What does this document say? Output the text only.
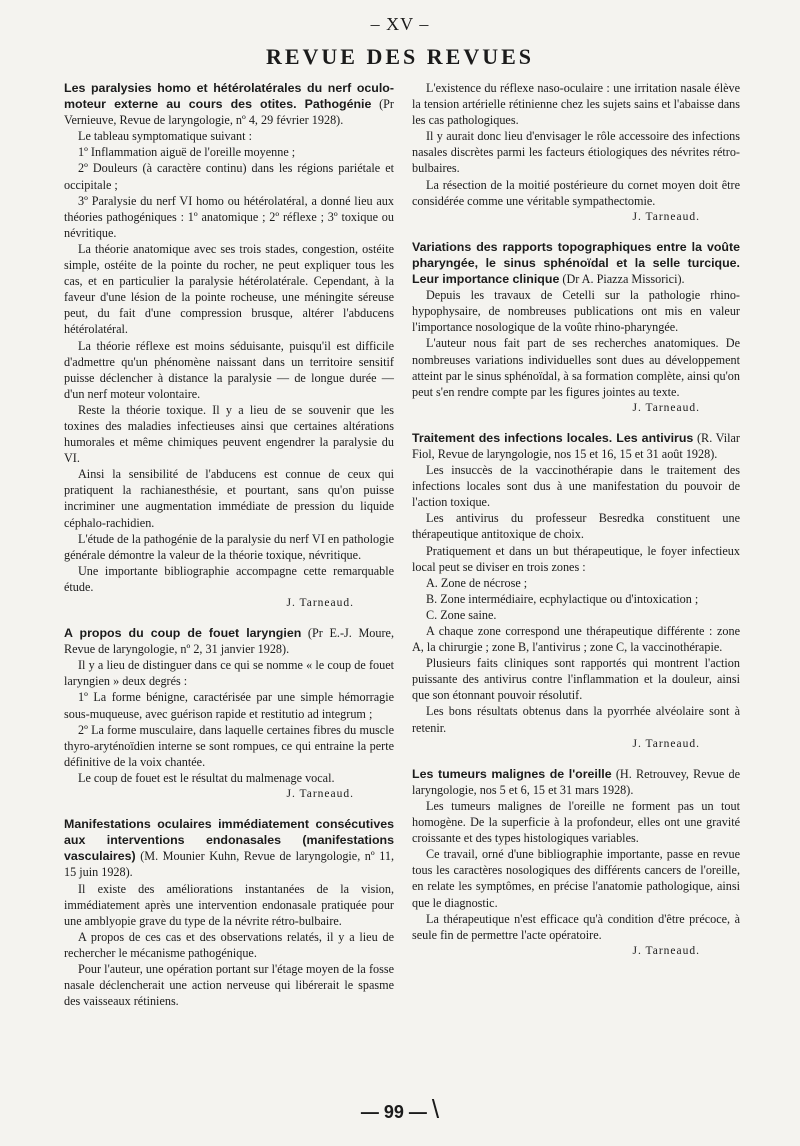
– XV –
REVUE DES REVUES

Les paralysies homo et hétérolatérales du nerf oculo-moteur externe au cours des otites. Pathogénie (Pr Vernieuve, Revue de laryngologie, nº 4, 29 février 1928).

Le tableau symptomatique suivant :

1º Inflammation aiguë de l'oreille moyenne ;

2º Douleurs (à caractère continu) dans les régions pariétale et occipitale ;

3º Paralysie du nerf VI homo ou hétérolatéral, a donné lieu aux théories pathogéniques : 1º anatomique ; 2º réflexe ; 3º toxique ou névritique.

La théorie anatomique avec ses trois stades, congestion, ostéite simple, ostéite de la pointe du rocher, ne peut expliquer tous les cas, et en particulier la paralysie hétérolatérale. Cependant, à la faveur d'une lésion de la pointe rocheuse, une méningite séreuse peut, du fait d'une compression brusque, altérer l'abducens hétérolatéral.

La théorie réflexe est moins séduisante, puisqu'il est difficile d'admettre qu'un phénomène naissant dans un territoire sensitif puisse déclencher à distance la paralysie — de longue durée — d'un nerf moteur volontaire.

Reste la théorie toxique. Il y a lieu de se souvenir que les toxines des maladies infectieuses ainsi que certaines altérations humorales et même chimiques peuvent engendrer la paralysie du VI.

Ainsi la sensibilité de l'abducens est connue de ceux qui pratiquent la rachianesthésie, et pourtant, sans qu'on puisse incriminer une augmentation immédiate de pression du liquide céphalo-rachidien.

L'étude de la pathogénie de la paralysie du nerf VI en pathologie générale démontre la valeur de la théorie toxique, névritique.

Une importante bibliographie accompagne cette remarquable étude.

J. Tarneaud.

A propos du coup de fouet laryngien (Pr E.-J. Moure, Revue de laryngologie, nº 2, 31 janvier 1928).

Il y a lieu de distinguer dans ce qui se nomme « le coup de fouet laryngien » deux degrés :

1º La forme bénigne, caractérisée par une simple hémorragie sous-muqueuse, avec guérison rapide et restitutio ad integrum ;

2º La forme musculaire, dans laquelle certaines fibres du muscle thyro-aryténoïdien interne se sont rompues, ce qui entraine la perte définitive de la voix chantée.

Le coup de fouet est le résultat du malmenage vocal.

J. Tarneaud.

Manifestations oculaires immédiatement consécutives aux interventions endonasales (manifestations vasculaires) (M. Mounier Kuhn, Revue de laryngologie, nº 11, 15 juin 1928).

Il existe des améliorations instantanées de la vision, immédiatement après une intervention endonasale pratiquée pour une amblyopie grave du type de la névrite rétro-bulbaire.

A propos de ces cas et des observations relatés, il y a lieu de rechercher le mécanisme pathogénique.

Pour l'auteur, une opération portant sur l'étage moyen de la fosse nasale déclencherait une action nerveuse qui libérerait le spasme des vaisseaux rétiniens.

L'existence du réflexe naso-oculaire : une irritation nasale élève la tension artérielle rétinienne chez les sujets sains et l'abaisse dans les cas pathologiques.

Il y aurait donc lieu d'envisager le rôle accessoire des infections nasales discrètes parmi les facteurs étiologiques des névrites rétro-bulbaires.

La résection de la moitié postérieure du cornet moyen doit être considérée comme une véritable sympathectomie.

J. Tarneaud.

Variations des rapports topographiques entre la voûte pharyngée, le sinus sphénoïdal et la selle turcique. Leur importance clinique (Dr A. Piazza Missorici).

Depuis les travaux de Cetelli sur la pathologie rhino-hypophysaire, de nombreuses publications ont mis en valeur l'importance nosologique de la voûte rhino-pharyngée.

L'auteur nous fait part de ses recherches anatomiques. De nombreuses variations individuelles sont dues au développement atteint par le sinus sphénoïdal, à sa formation complète, ainsi qu'on peut s'en rendre compte par les figures jointes au texte.

J. Tarneaud.

Traitement des infections locales. Les antivirus (R. Vilar Fiol, Revue de laryngologie, nos 15 et 16, 15 et 31 août 1928).

Les insuccès de la vaccinothérapie dans le traitement des infections locales sont dus à une manifestation du pouvoir de l'action toxique.

Les antivirus du professeur Besredka constituent une thérapeutique antitoxique de choix.

Pratiquement et dans un but thérapeutique, le foyer infectieux local peut se diviser en trois zones :

A. Zone de nécrose ;

B. Zone intermédiaire, ecphylactique ou d'intoxication ;

C. Zone saine.

A chaque zone correspond une thérapeutique différente : zone A, la chirurgie ; zone B, l'antivirus ; zone C, la vaccinothérapie.

Plusieurs faits cliniques sont rapportés qui montrent l'action puissante des antivirus contre l'inflammation et la douleur, ainsi que son étonnant pouvoir résolutif.

Les bons résultats obtenus dans la pyorrhée alvéolaire sont à retenir.

J. Tarneaud.

Les tumeurs malignes de l'oreille (H. Retrouvey, Revue de laryngologie, nos 5 et 6, 15 et 31 mars 1928).

Les tumeurs malignes de l'oreille ne forment pas un tout homogène. De la superficie à la profondeur, elles ont une gravité croissante et des types histologiques variables.

Ce travail, orné d'une bibliographie importante, passe en revue tous les caractères nosologiques des différents cancers de l'oreille, en relate les symptômes, en précise l'anatomie pathologique, ainsi que le diagnostic.

La thérapeutique n'est efficace qu'à condition d'être précoce, à seule fin de permettre l'acte opératoire.

J. Tarneaud.

— 99 — \
